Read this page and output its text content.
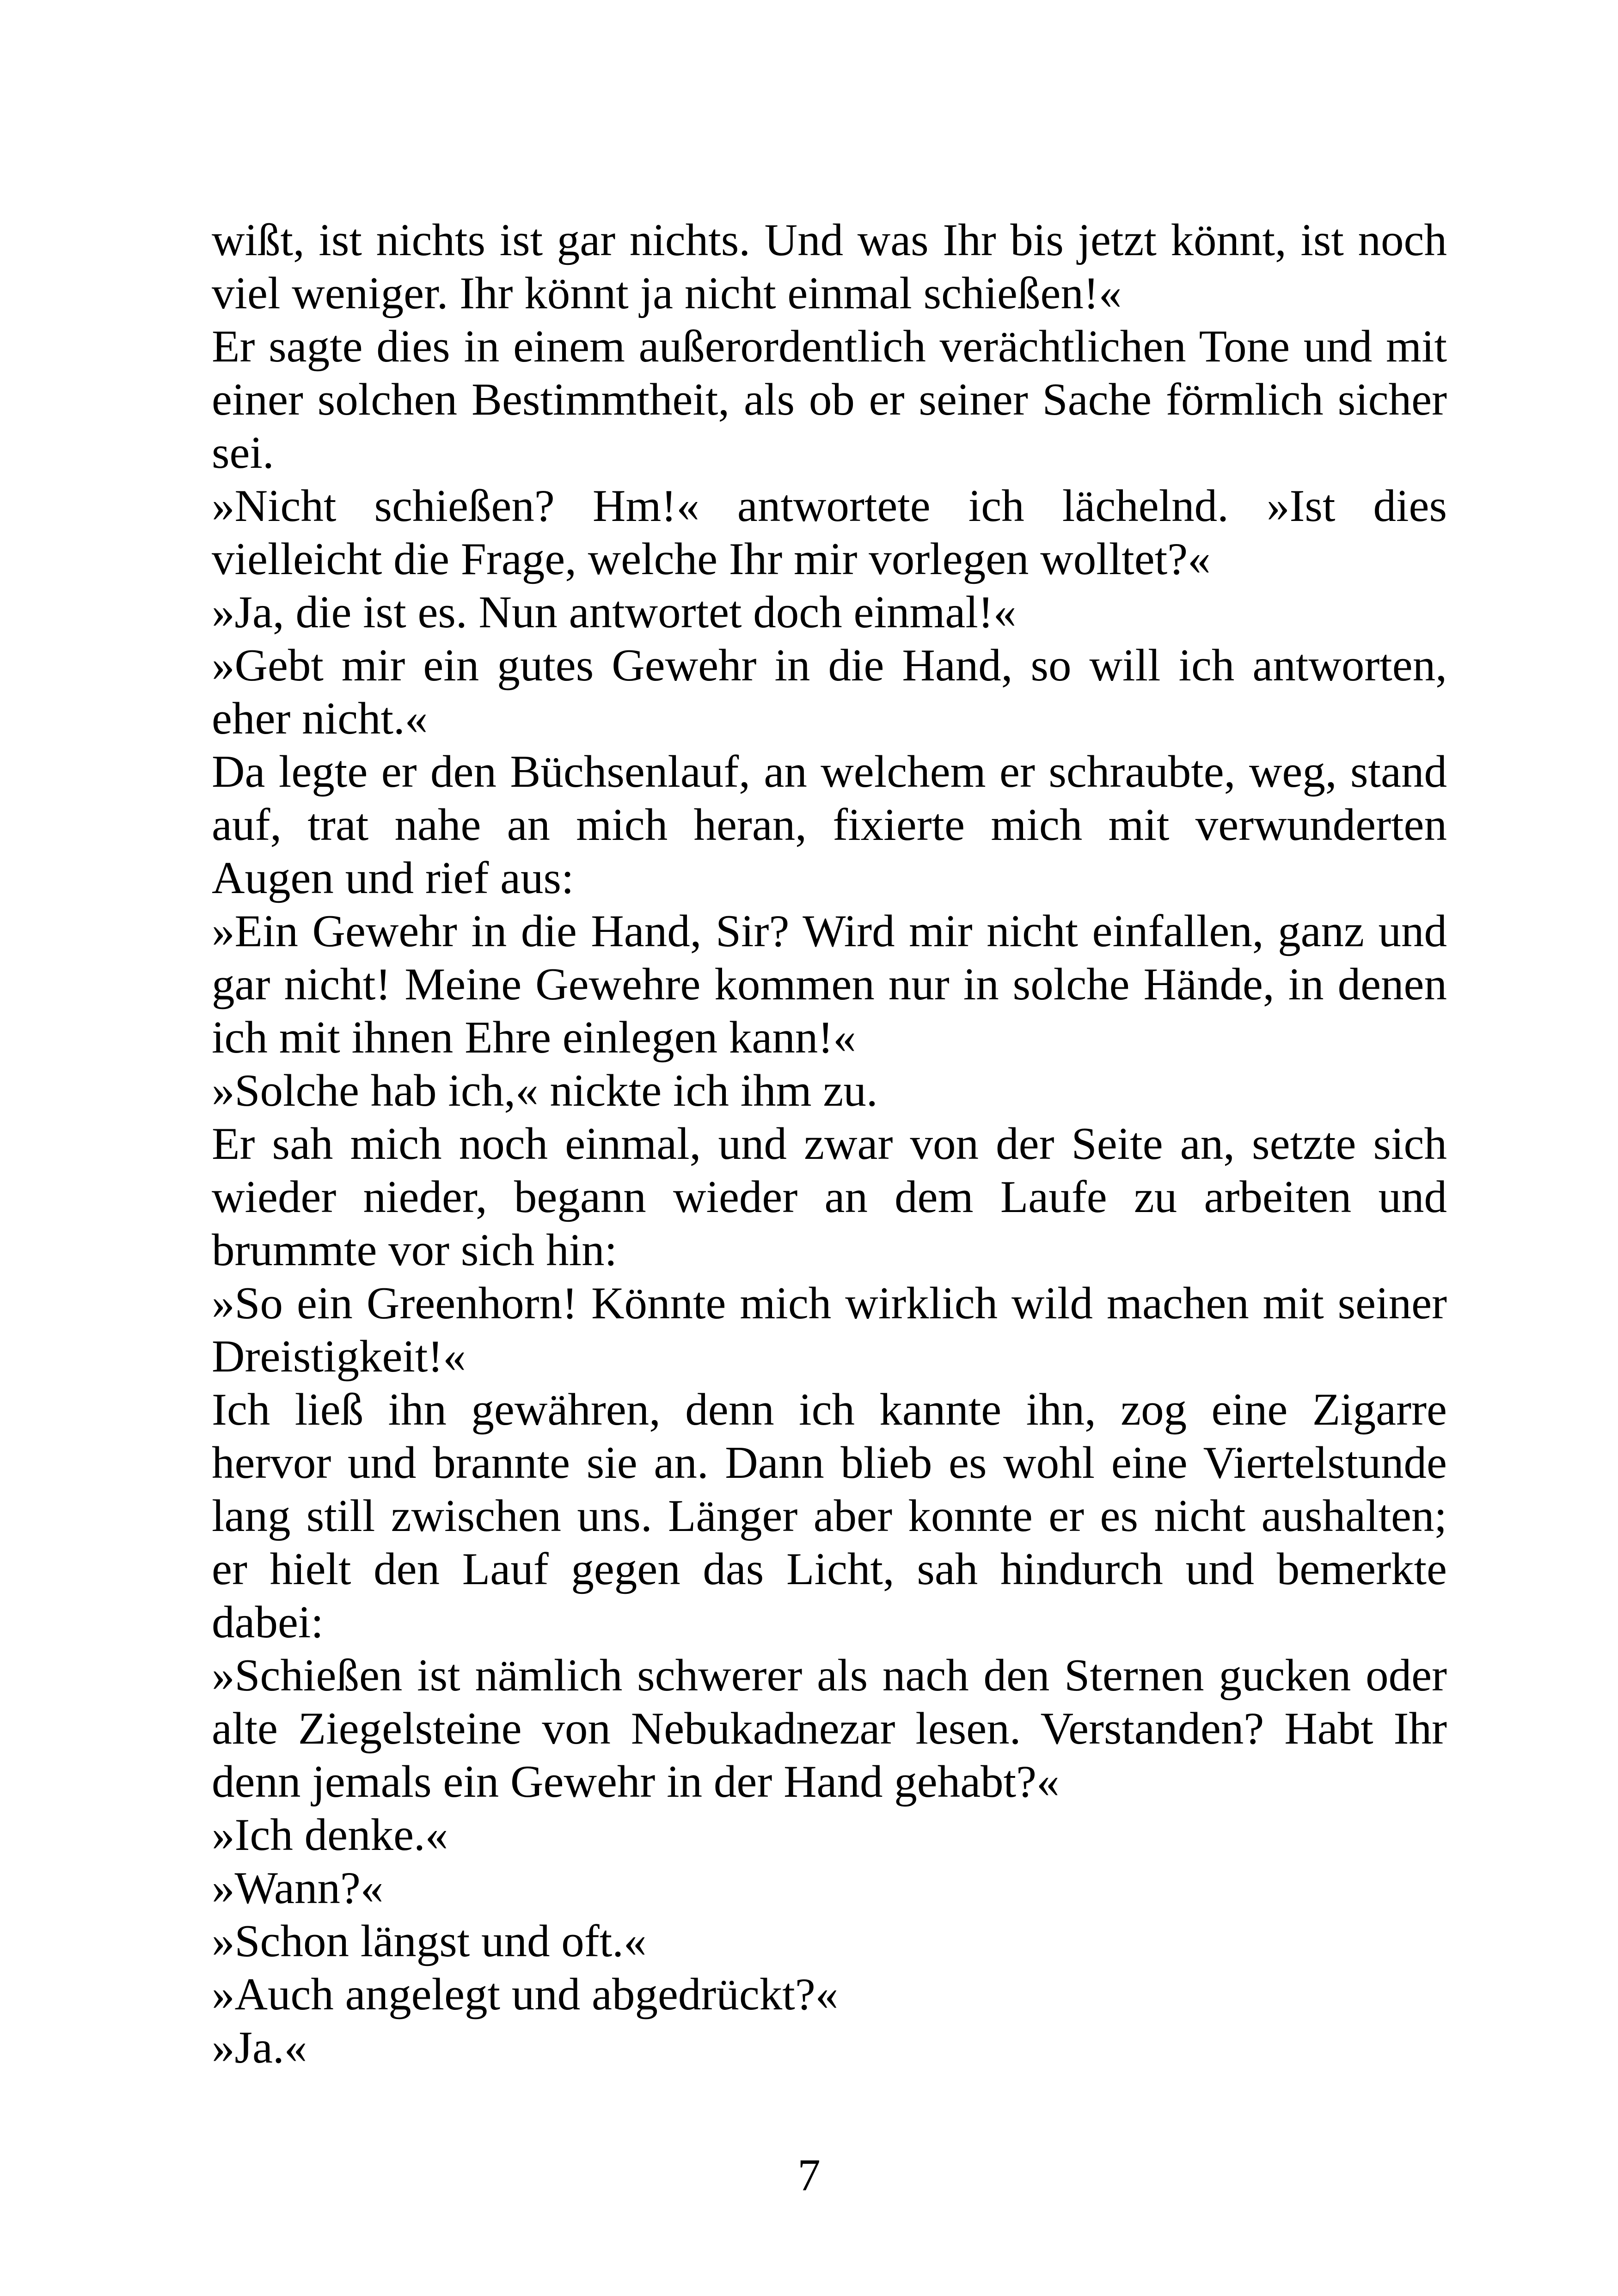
wißt, ist nichts ist gar nichts. Und was Ihr bis jetzt könnt, ist noch
viel weniger. Ihr könnt ja nicht einmal schießen!«
Er sagte dies in einem außerordentlich verächtlichen Tone und mit
einer solchen Bestimmtheit, als ob er seiner Sache förmlich sicher
sei.
»Nicht schießen? Hm!« antwortete ich lächelnd. »Ist dies
vielleicht die Frage, welche Ihr mir vorlegen wolltet?«
»Ja, die ist es. Nun antwortet doch einmal!«
»Gebt mir ein gutes Gewehr in die Hand, so will ich antworten,
eher nicht.«
Da legte er den Büchsenlauf, an welchem er schraubte, weg, stand
auf, trat nahe an mich heran, fixierte mich mit verwunderten
Augen und rief aus:
»Ein Gewehr in die Hand, Sir? Wird mir nicht einfallen, ganz und
gar nicht! Meine Gewehre kommen nur in solche Hände, in denen
ich mit ihnen Ehre einlegen kann!«
»Solche hab ich,« nickte ich ihm zu.
Er sah mich noch einmal, und zwar von der Seite an, setzte sich
wieder nieder, begann wieder an dem Laufe zu arbeiten und
brummte vor sich hin:
»So ein Greenhorn! Könnte mich wirklich wild machen mit seiner
Dreistigkeit!«
Ich ließ ihn gewähren, denn ich kannte ihn, zog eine Zigarre
hervor und brannte sie an. Dann blieb es wohl eine Viertelstunde
lang still zwischen uns. Länger aber konnte er es nicht aushalten;
er hielt den Lauf gegen das Licht, sah hindurch und bemerkte
dabei:
»Schießen ist nämlich schwerer als nach den Sternen gucken oder
alte Ziegelsteine von Nebukadnezar lesen. Verstanden? Habt Ihr
denn jemals ein Gewehr in der Hand gehabt?«
»Ich denke.«
»Wann?«
»Schon längst und oft.«
»Auch angelegt und abgedrückt?«
»Ja.«
7
